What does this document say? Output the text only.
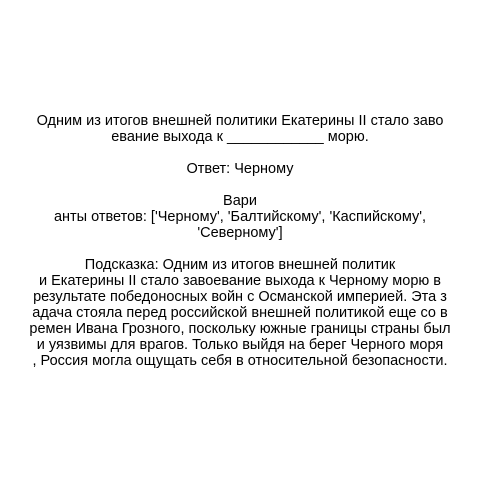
Одним из итогов внешней политики Екатерины II стало заво
евание выхода к ____________ морю.
Ответ: Черному
Вари
анты ответов: ['Черному', 'Балтийскому', 'Каспийскому',
'Северному']
Подсказка: Одним из итогов внешней политик
и Екатерины II стало завоевание выхода к Черному морю в
результате победоносных войн с Османской империей. Эта з
адача стояла перед российской внешней политикой еще со в
ремен Ивана Грозного, поскольку южные границы страны был
и уязвимы для врагов. Только выйдя на берег Черного моря
, Россия могла ощущать себя в относительной безопасности.
